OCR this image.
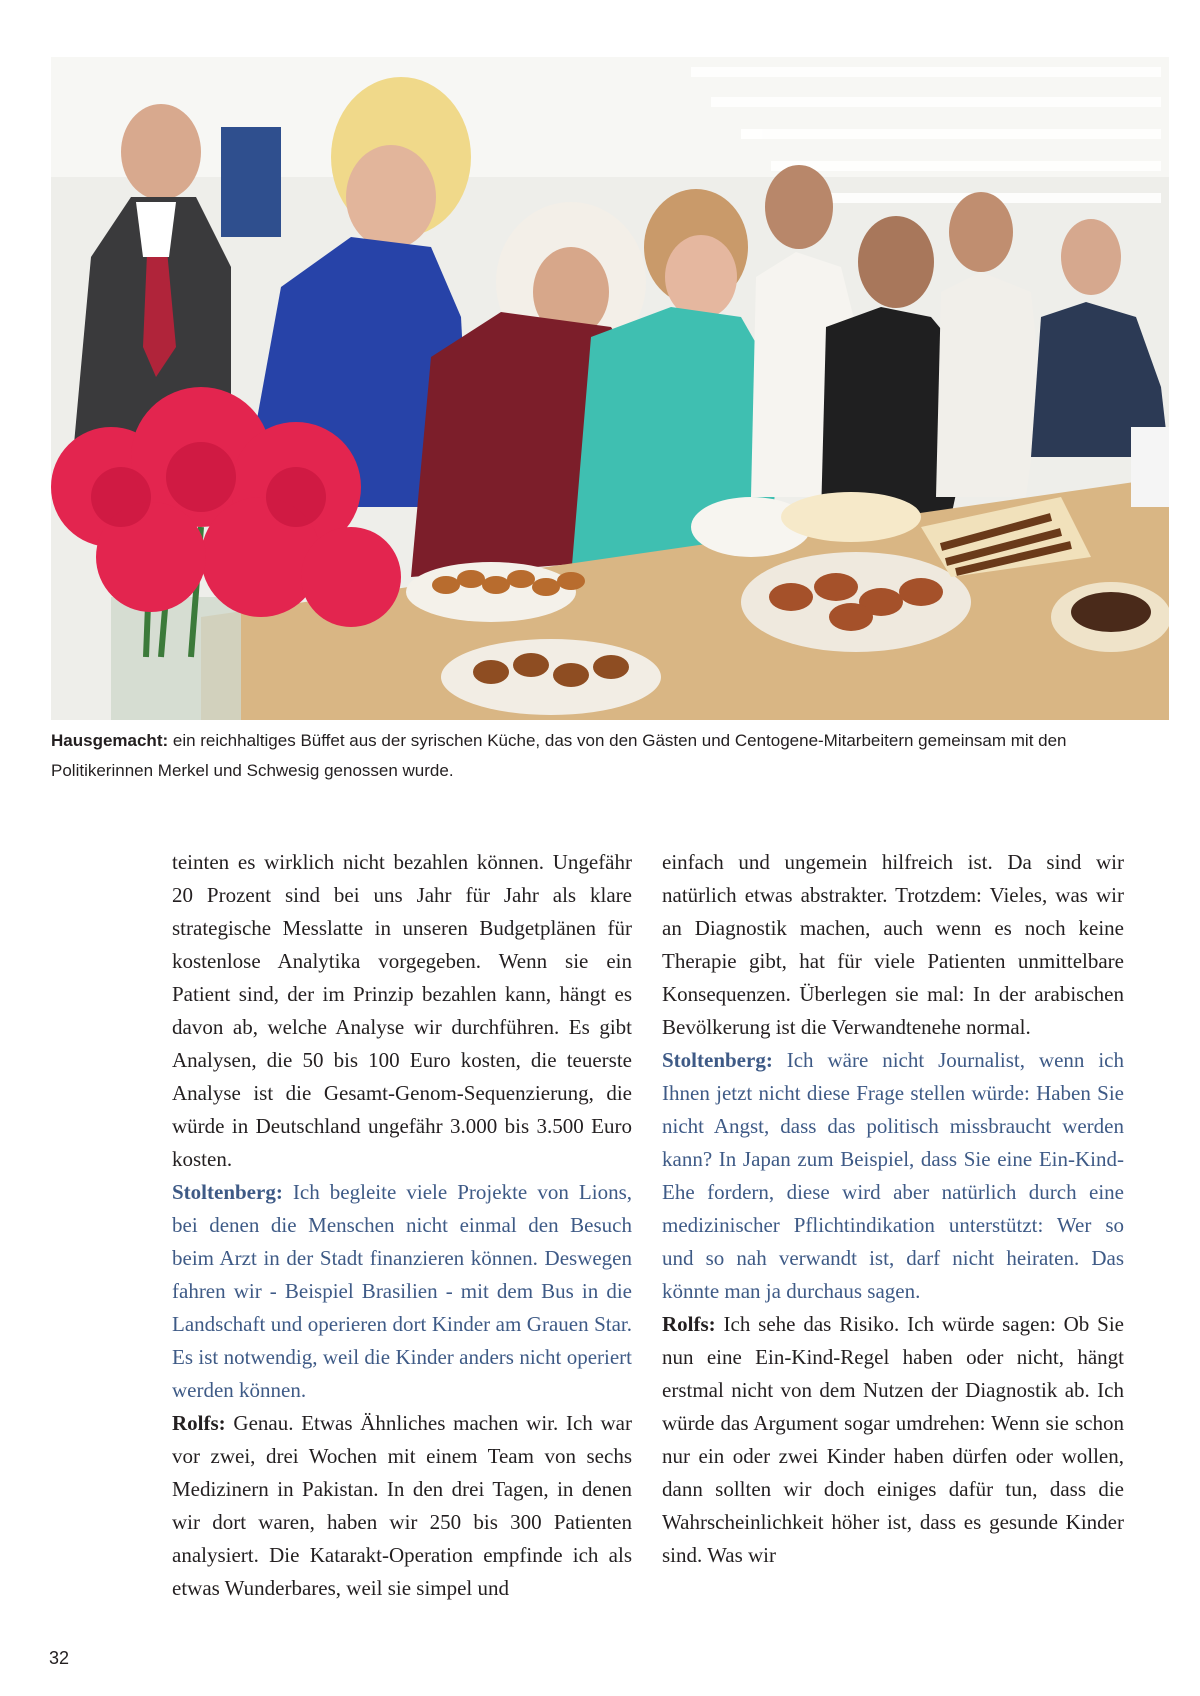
Hausgemacht: ein reichhaltiges Büffet aus der syrischen Küche, das von den Gästen und Centogene-Mitarbeitern gemeinsam mit den Politikerinnen Merkel und Schwesig genossen wurde.

teinten es wirklich nicht bezahlen können. Ungefähr 20 Prozent sind bei uns Jahr für Jahr als klare strategische Messlatte in unseren Budgetplänen für kostenlose Analytika vorgegeben. Wenn sie ein Patient sind, der im Prinzip bezahlen kann, hängt es davon ab, welche Analyse wir durchführen. Es gibt Analysen, die 50 bis 100 Euro kosten, die teuerste Analyse ist die Gesamt-Genom-Sequenzierung, die würde in Deutschland ungefähr 3.000 bis 3.500 Euro kosten.

Stoltenberg: Ich begleite viele Projekte von Lions, bei denen die Menschen nicht einmal den Besuch beim Arzt in der Stadt finanzieren können. Deswegen fahren wir - Beispiel Brasilien - mit dem Bus in die Landschaft und operieren dort Kinder am Grauen Star. Es ist notwendig, weil die Kinder anders nicht operiert werden können.

Rolfs: Genau. Etwas Ähnliches machen wir. Ich war vor zwei, drei Wochen mit einem Team von sechs Medizinern in Pakistan. In den drei Tagen, in denen wir dort waren, haben wir 250 bis 300 Patienten analysiert. Die Katarakt-Operation empfinde ich als etwas Wunderbares, weil sie simpel und

einfach und ungemein hilfreich ist. Da sind wir natürlich etwas abstrakter. Trotzdem: Vieles, was wir an Diagnostik machen, auch wenn es noch keine Therapie gibt, hat für viele Patienten unmittelbare Konsequenzen. Überlegen sie mal: In der arabischen Bevölkerung ist die Verwandtenehe normal.

Stoltenberg: Ich wäre nicht Journalist, wenn ich Ihnen jetzt nicht diese Frage stellen würde: Haben Sie nicht Angst, dass das politisch missbraucht werden kann? In Japan zum Beispiel, dass Sie eine Ein-Kind-Ehe fordern, diese wird aber natürlich durch eine medizinischer Pflichtindikation unterstützt: Wer so und so nah verwandt ist, darf nicht heiraten. Das könnte man ja durchaus sagen.

Rolfs: Ich sehe das Risiko. Ich würde sagen: Ob Sie nun eine Ein-Kind-Regel haben oder nicht, hängt erstmal nicht von dem Nutzen der Diagnostik ab. Ich würde das Argument sogar umdrehen: Wenn sie schon nur ein oder zwei Kinder haben dürfen oder wollen, dann sollten wir doch einiges dafür tun, dass die Wahrscheinlichkeit höher ist, dass es gesunde Kinder sind. Was wir

32
